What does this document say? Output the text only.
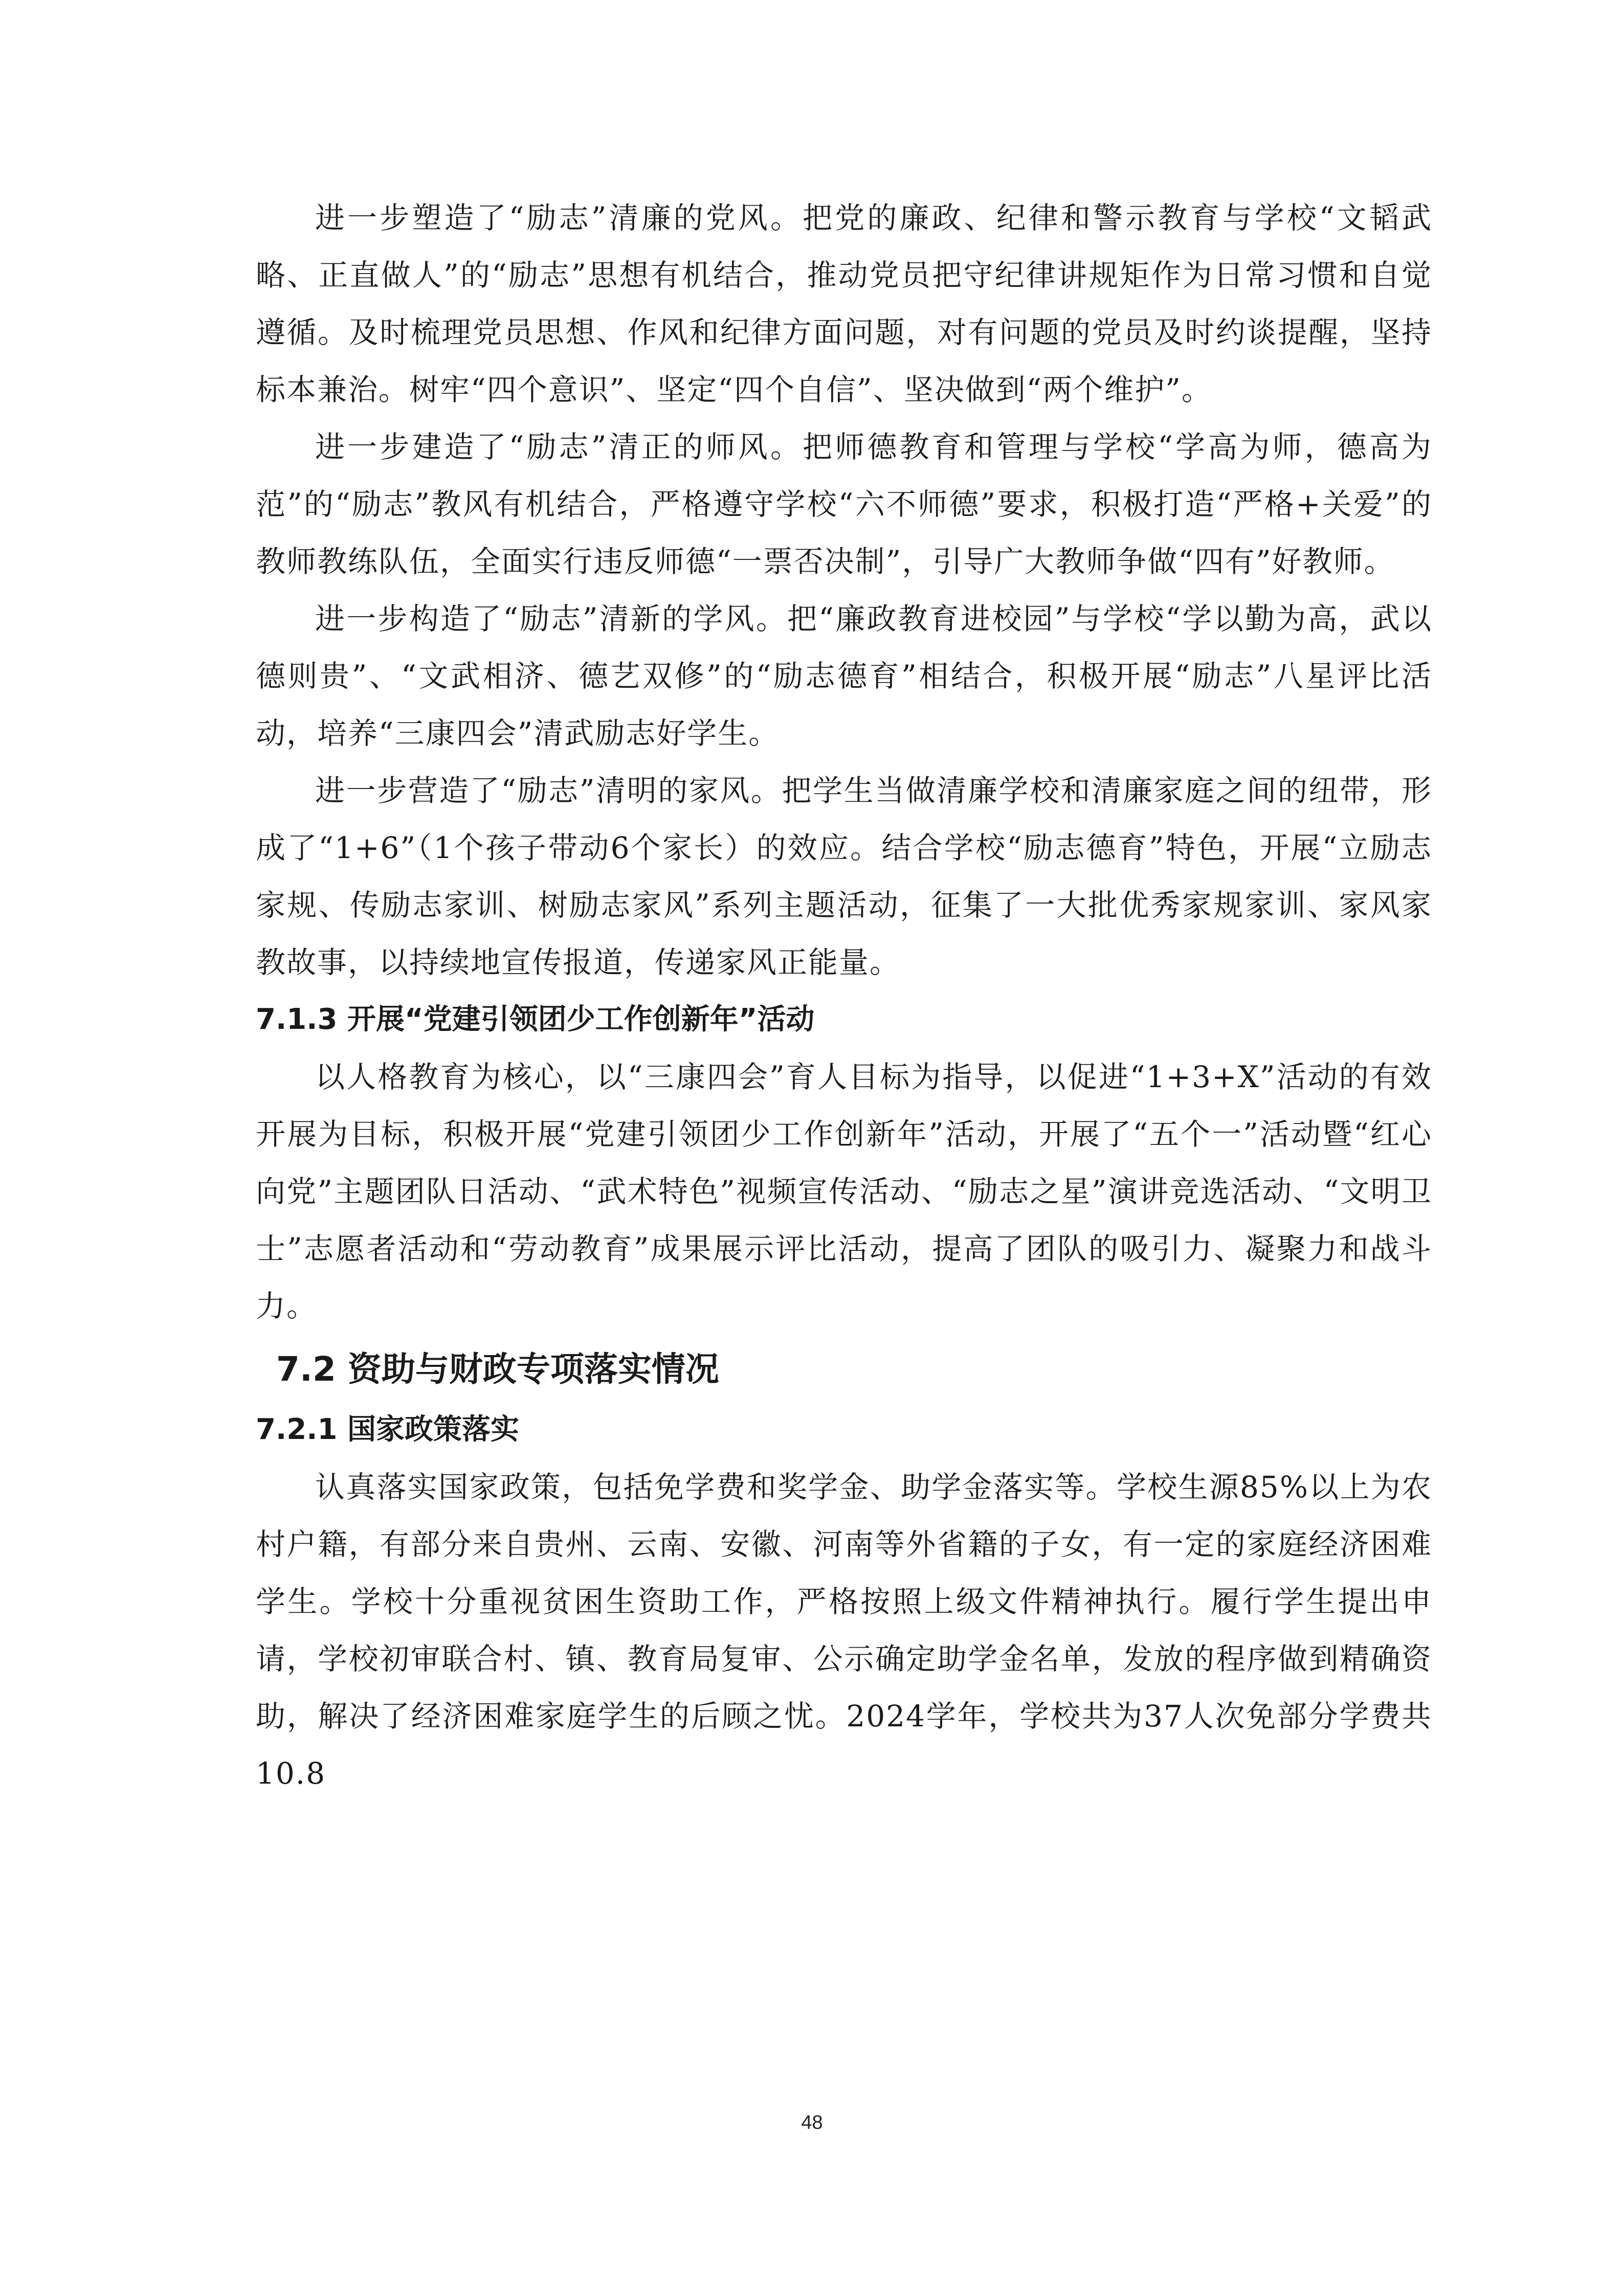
进一步塑造了“励志”清廉的党风。把党的廉政、纪律和警示教育与学校“文韬武略、正直做人”的“励志”思想有机结合，推动党员把守纪律讲规矩作为日常习惯和自觉遵循。及时梳理党员思想、作风和纪律方面问题，对有问题的党员及时约谈提醒，坚持标本兼治。树牢“四个意识”、坚定“四个自信”、坚决做到“两个维护”。

进一步建造了“励志”清正的师风。把师德教育和管理与学校“学高为师，德高为范”的“励志”教风有机结合，严格遵守学校“六不师德”要求，积极打造“严格+关爱”的教师教练队伍，全面实行违反师德“一票否决制”，引导广大教师争做“四有”好教师。

进一步构造了“励志”清新的学风。把“廉政教育进校园”与学校“学以勤为高，武以德则贵”、“文武相济、德艺双修”的“励志德育”相结合，积极开展“励志”八星评比活动，培养“三康四会”清武励志好学生。

进一步营造了“励志”清明的家风。把学生当做清廉学校和清廉家庭之间的纽带，形成了“1+6”（1个孩子带动6个家长）的效应。结合学校“励志德育”特色，开展“立励志家规、传励志家训、树励志家风”系列主题活动，征集了一大批优秀家规家训、家风家教故事，以持续地宣传报道，传递家风正能量。

7.1.3 开展“党建引领团少工作创新年”活动

以人格教育为核心，以“三康四会”育人目标为指导，以促进“1+3+X”活动的有效开展为目标，积极开展“党建引领团少工作创新年”活动，开展了“五个一”活动暨“红心向党”主题团队日活动、“武术特色”视频宣传活动、“励志之星”演讲竞选活动、“文明卫士”志愿者活动和“劳动教育”成果展示评比活动，提高了团队的吸引力、凝聚力和战斗力。

7.2 资助与财政专项落实情况
7.2.1 国家政策落实

认真落实国家政策，包括免学费和奖学金、助学金落实等。学校生源85%以上为农村户籍，有部分来自贵州、云南、安徽、河南等外省籍的子女，有一定的家庭经济困难学生。学校十分重视贫困生资助工作，严格按照上级文件精神执行。履行学生提出申请，学校初审联合村、镇、教育局复审、公示确定助学金名单，发放的程序做到精确资助，解决了经济困难家庭学生的后顾之忧。2024学年，学校共为37人次免部分学费共10.8

48
